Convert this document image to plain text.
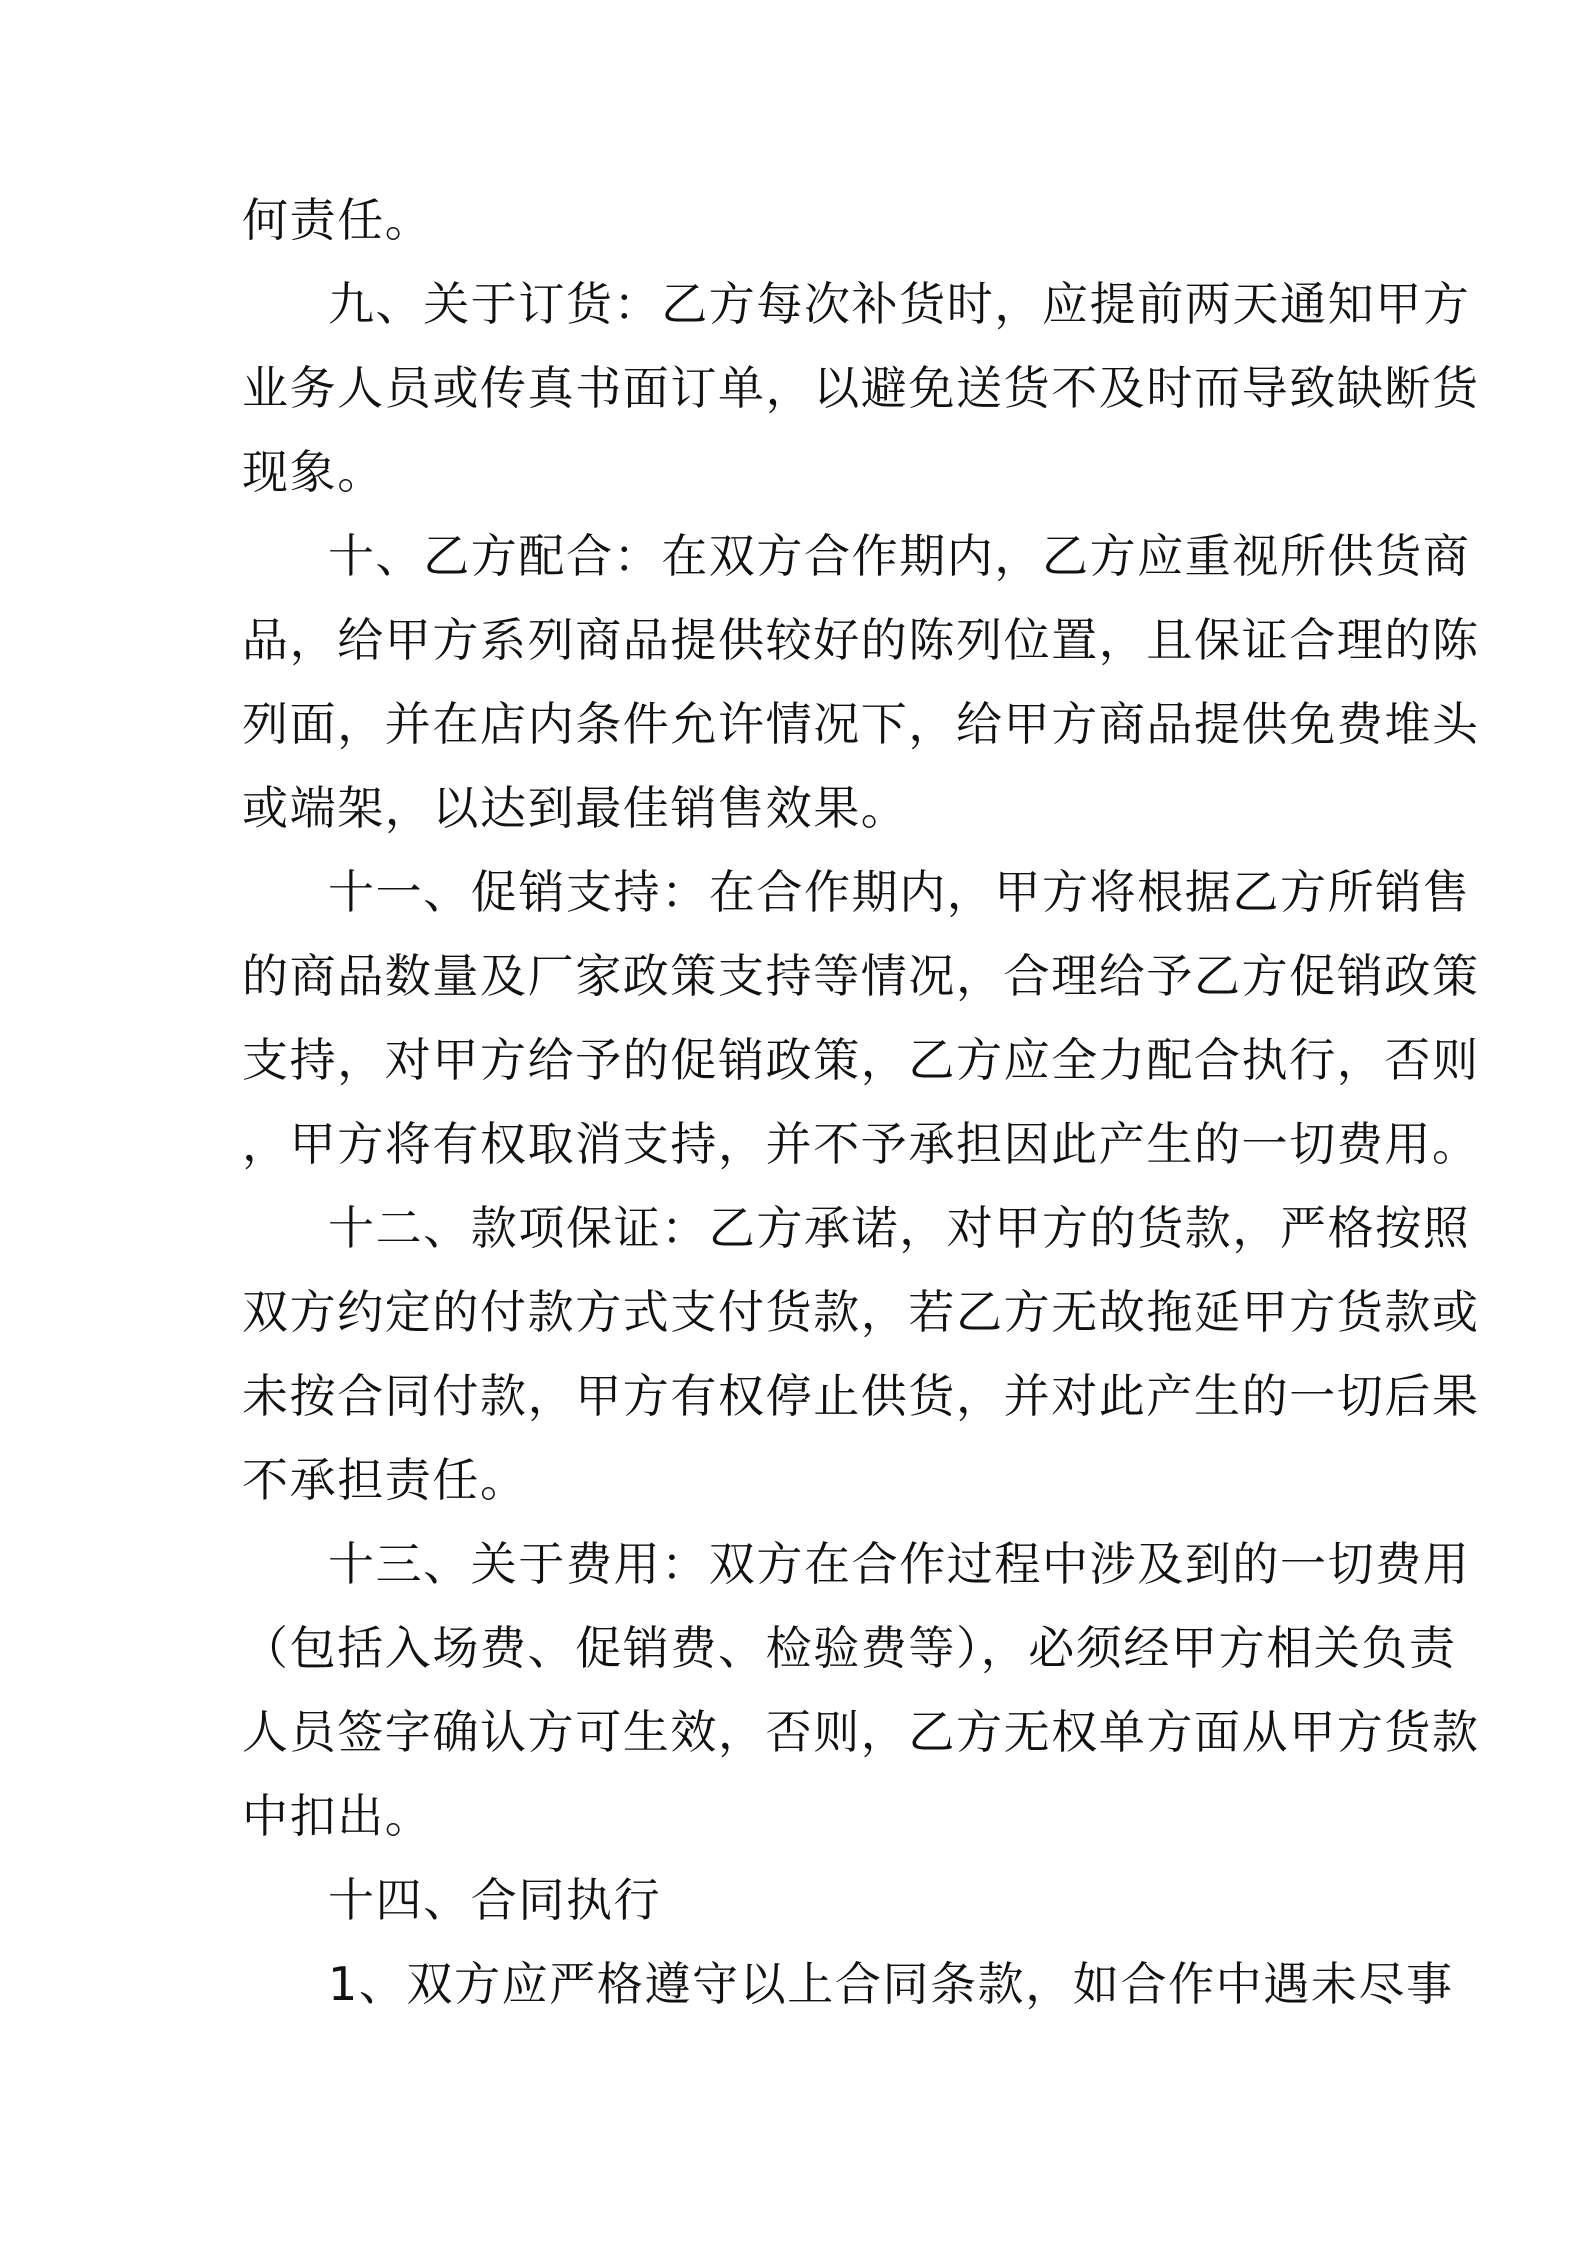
何责任。
九、关于订货：乙方每次补货时，应提前两天通知甲方
业务人员或传真书面订单，以避免送货不及时而导致缺断货
现象。
十、乙方配合：在双方合作期内，乙方应重视所供货商
品，给甲方系列商品提供较好的陈列位置，且保证合理的陈
列面，并在店内条件允许情况下，给甲方商品提供免费堆头
或端架，以达到最佳销售效果。
十一、促销支持：在合作期内，甲方将根据乙方所销售
的商品数量及厂家政策支持等情况，合理给予乙方促销政策
支持，对甲方给予的促销政策，乙方应全力配合执行，否则
，甲方将有权取消支持，并不予承担因此产生的一切费用。
十二、款项保证：乙方承诺，对甲方的货款，严格按照
双方约定的付款方式支付货款，若乙方无故拖延甲方货款或
未按合同付款，甲方有权停止供货，并对此产生的一切后果
不承担责任。
十三、关于费用：双方在合作过程中涉及到的一切费用
（包括入场费、促销费、检验费等），必须经甲方相关负责
人员签字确认方可生效，否则，乙方无权单方面从甲方货款
中扣出。
十四、合同执行
1、双方应严格遵守以上合同条款，如合作中遇未尽事
